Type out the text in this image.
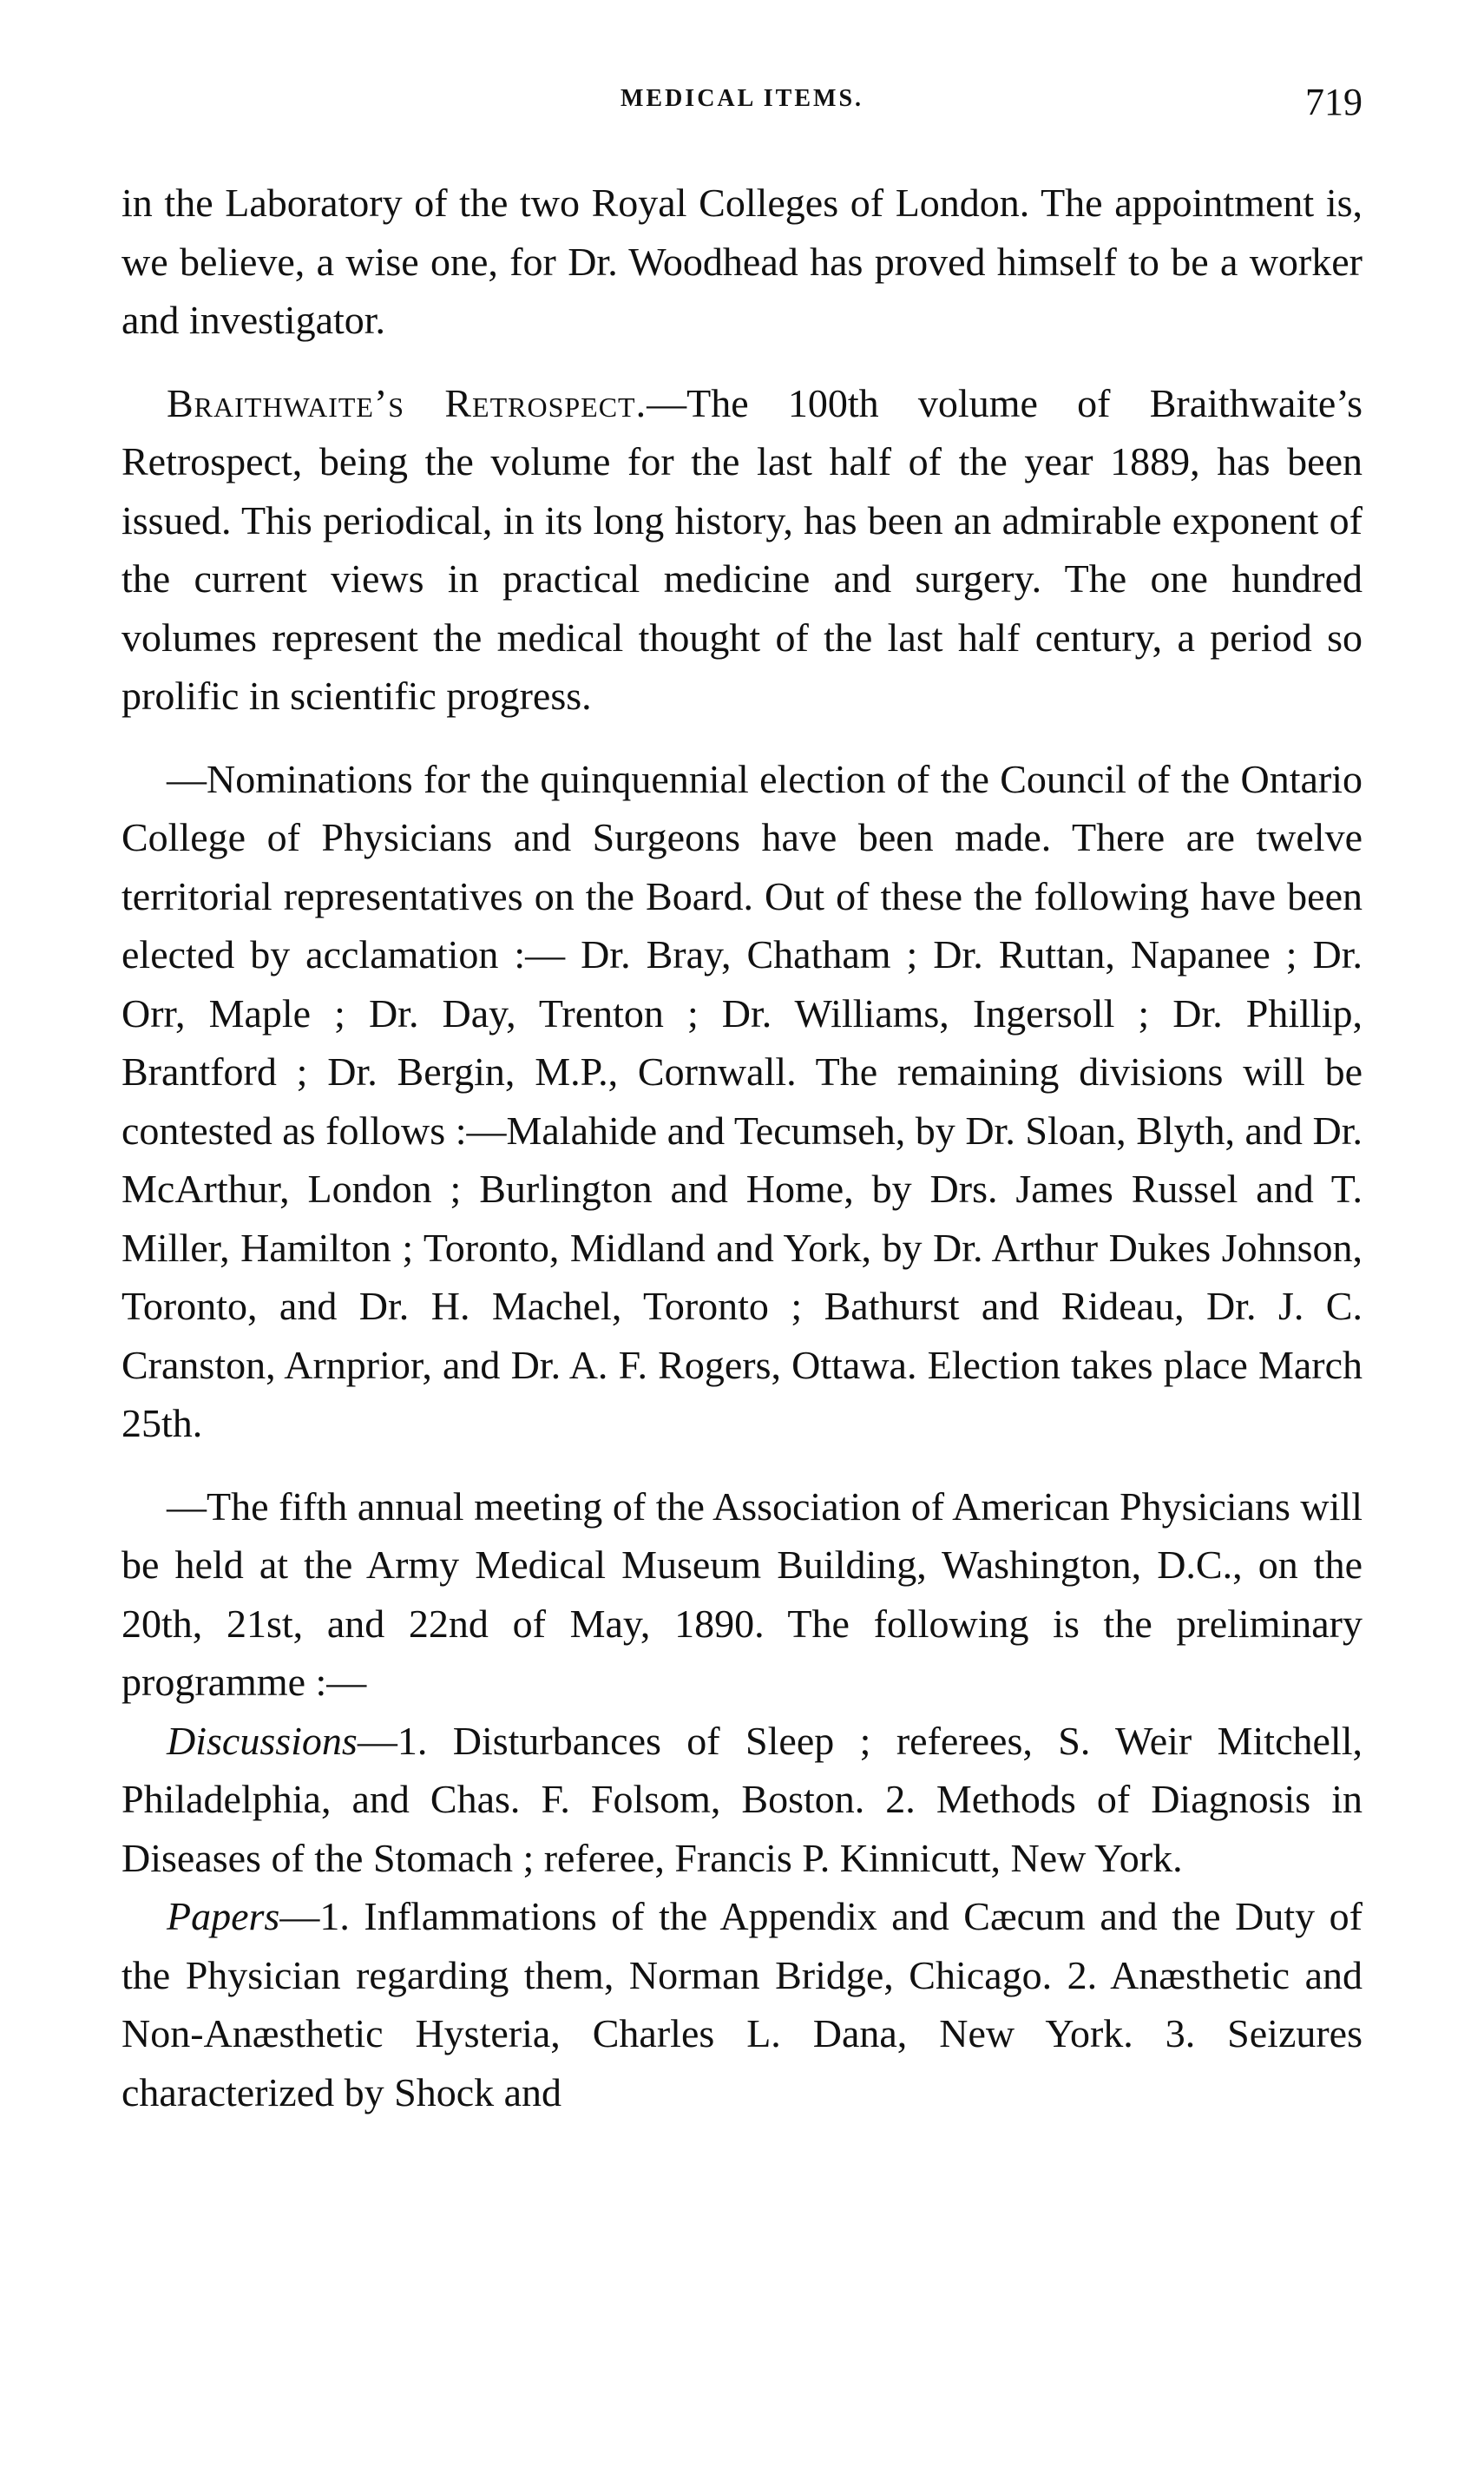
MEDICAL ITEMS.	719

in the Laboratory of the two Royal Colleges of London. The appointment is, we believe, a wise one, for Dr. Woodhead has proved himself to be a worker and investigator.

Braithwaite’s Retrospect.—The 100th volume of Braithwaite’s Retrospect, being the volume for the last half of the year 1889, has been issued. This periodical, in its long history, has been an admirable exponent of the current views in practical medicine and surgery. The one hundred volumes represent the medical thought of the last half century, a period so prolific in scientific progress.

—Nominations for the quinquennial election of the Council of the Ontario College of Physicians and Surgeons have been made. There are twelve territorial representatives on the Board. Out of these the following have been elected by acclamation :— Dr. Bray, Chatham ; Dr. Ruttan, Napanee ; Dr. Orr, Maple ; Dr. Day, Trenton ; Dr. Williams, Ingersoll ; Dr. Phillip, Brantford ; Dr. Bergin, M.P., Cornwall. The remaining divisions will be contested as follows :—Malahide and Tecumseh, by Dr. Sloan, Blyth, and Dr. McArthur, London ; Burlington and Home, by Drs. James Russel and T. Miller, Hamilton ; Toronto, Midland and York, by Dr. Arthur Dukes Johnson, Toronto, and Dr. H. Machel, Toronto ; Bathurst and Rideau, Dr. J. C. Cranston, Arnprior, and Dr. A. F. Rogers, Ottawa. Election takes place March 25th.

—The fifth annual meeting of the Association of American Physicians will be held at the Army Medical Museum Building, Washington, D.C., on the 20th, 21st, and 22nd of May, 1890. The following is the preliminary programme :—

Discussions—1. Disturbances of Sleep ; referees, S. Weir Mitchell, Philadelphia, and Chas. F. Folsom, Boston. 2. Methods of Diagnosis in Diseases of the Stomach ; referee, Francis P. Kinnicutt, New York.

Papers—1. Inflammations of the Appendix and Cæcum and the Duty of the Physician regarding them, Norman Bridge, Chicago. 2. Anæsthetic and Non-Anæsthetic Hysteria, Charles L. Dana, New York. 3. Seizures characterized by Shock and
